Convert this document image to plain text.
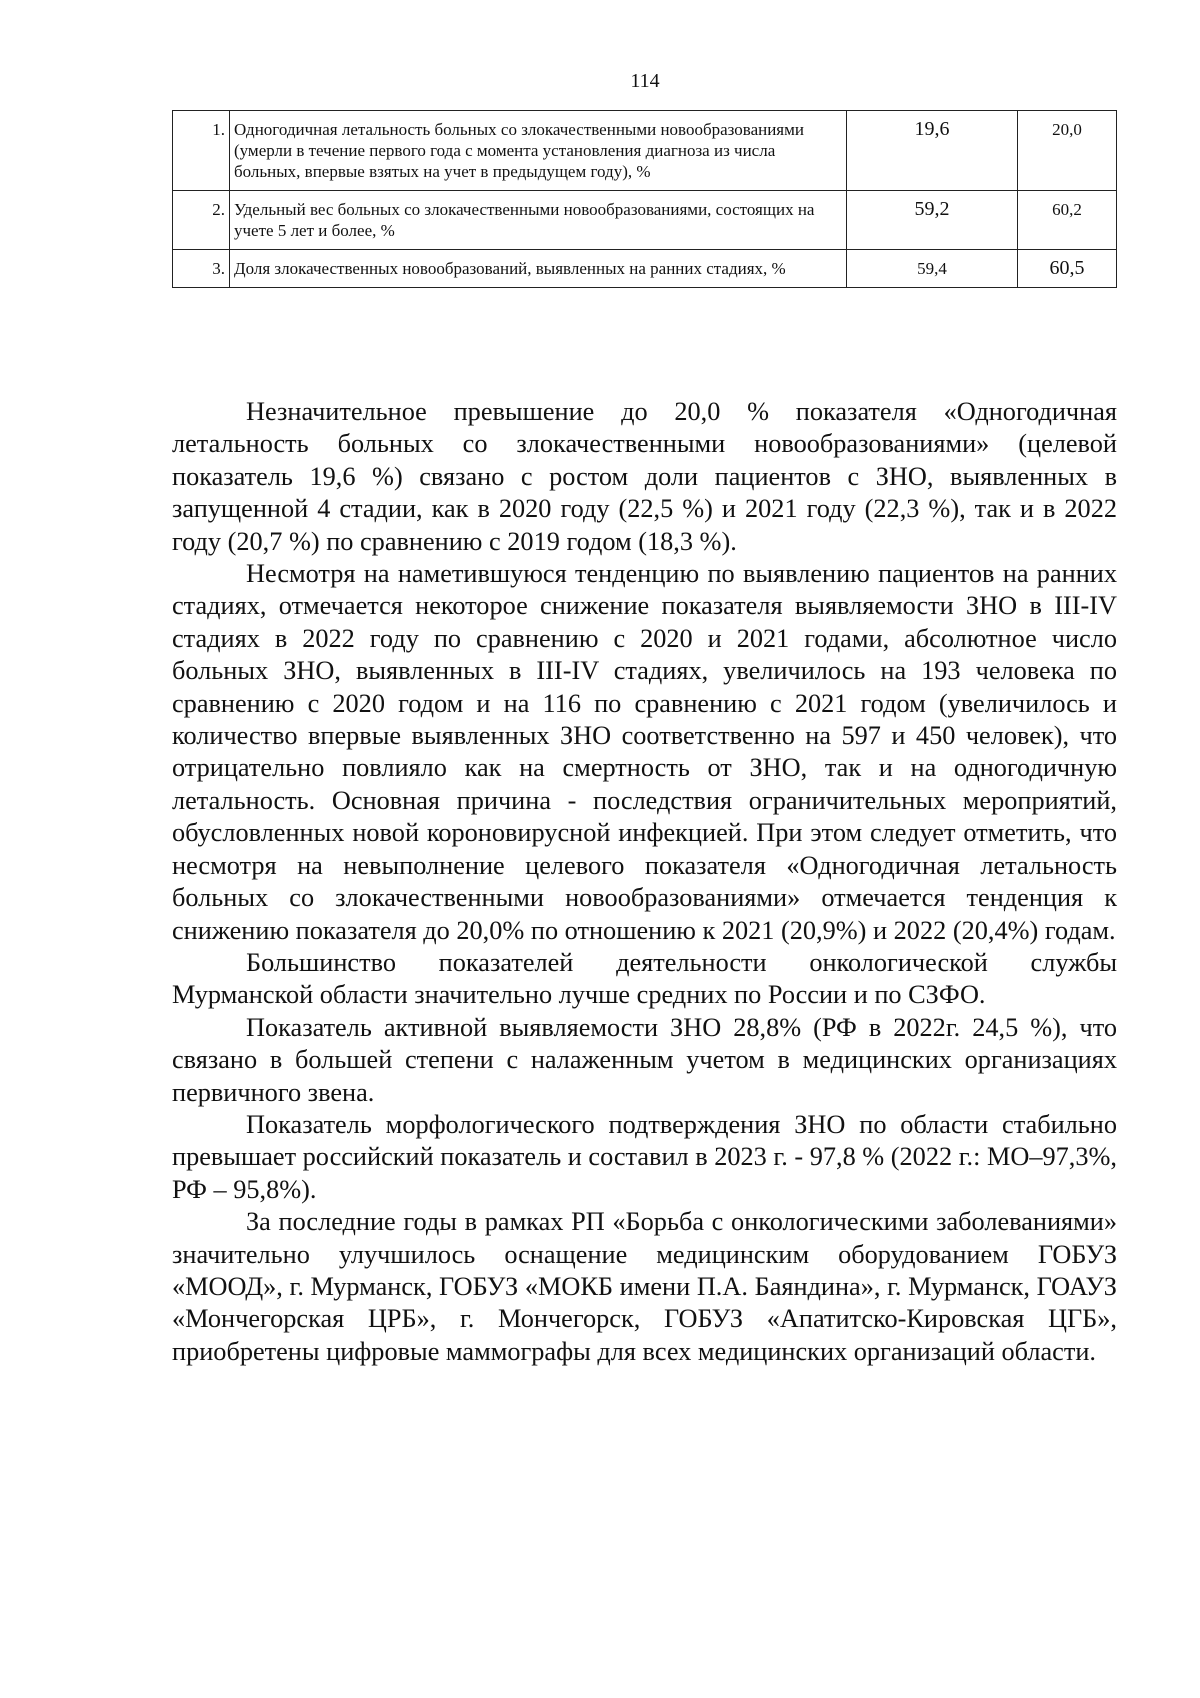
114
1.	Одногодичная летальность больных со злокачественными новообразованиями (умерли в течение первого года с момента установления диагноза из числа больных, впервые взятых на учет в предыдущем году), %	19,6	20,0
2.	Удельный вес больных со злокачественными новообразованиями, состоящих на учете 5 лет и более, %	59,2	60,2
3.	Доля злокачественных новообразований, выявленных на ранних стадиях, %	59,4	60,5

Незначительное превышение до 20,0 % показателя «Одногодичная летальность больных со злокачественными новообразованиями» (целевой показатель 19,6 %) связано с ростом доли пациентов с ЗНО, выявленных в запущенной 4 стадии, как в 2020 году (22,5 %) и 2021 году (22,3 %), так и в 2022 году (20,7 %) по сравнению с 2019 годом (18,3 %).

Несмотря на наметившуюся тенденцию по выявлению пациентов на ранних стадиях, отмечается некоторое снижение показателя выявляемости ЗНО в III-IV стадиях в 2022 году по сравнению с 2020 и 2021 годами, абсолютное число больных ЗНО, выявленных в III-IV стадиях, увеличилось на 193 человека по сравнению с 2020 годом и на 116 по сравнению с 2021 годом (увеличилось и количество впервые выявленных ЗНО соответственно на 597 и 450 человек), что отрицательно повлияло как на смертность от ЗНО, так и на одногодичную летальность. Основная причина - последствия ограничительных мероприятий, обусловленных новой короновирусной инфекцией. При этом следует отметить, что несмотря на невыполнение целевого показателя «Одногодичная летальность больных со злокачественными новообразованиями» отмечается тенденция к снижению показателя до 20,0% по отношению к 2021 (20,9%) и 2022 (20,4%) годам.

Большинство показателей деятельности онкологической службы Мурманской области значительно лучше средних по России и по СЗФО.

Показатель активной выявляемости ЗНО 28,8% (РФ в 2022г. 24,5 %), что связано в большей степени с налаженным учетом в медицинских организациях первичного звена.

Показатель морфологического подтверждения ЗНО по области стабильно превышает российский показатель и составил в 2023 г. - 97,8 % (2022 г.: МО–97,3%, РФ – 95,8%).

За последние годы в рамках РП «Борьба с онкологическими заболеваниями» значительно улучшилось оснащение медицинским оборудованием ГОБУЗ «МООД», г. Мурманск, ГОБУЗ «МОКБ имени П.А. Баяндина», г. Мурманск, ГОАУЗ «Мончегорская ЦРБ», г. Мончегорск, ГОБУЗ «Апатитско-Кировская ЦГБ», приобретены цифровые маммографы для всех медицинских организаций области.
